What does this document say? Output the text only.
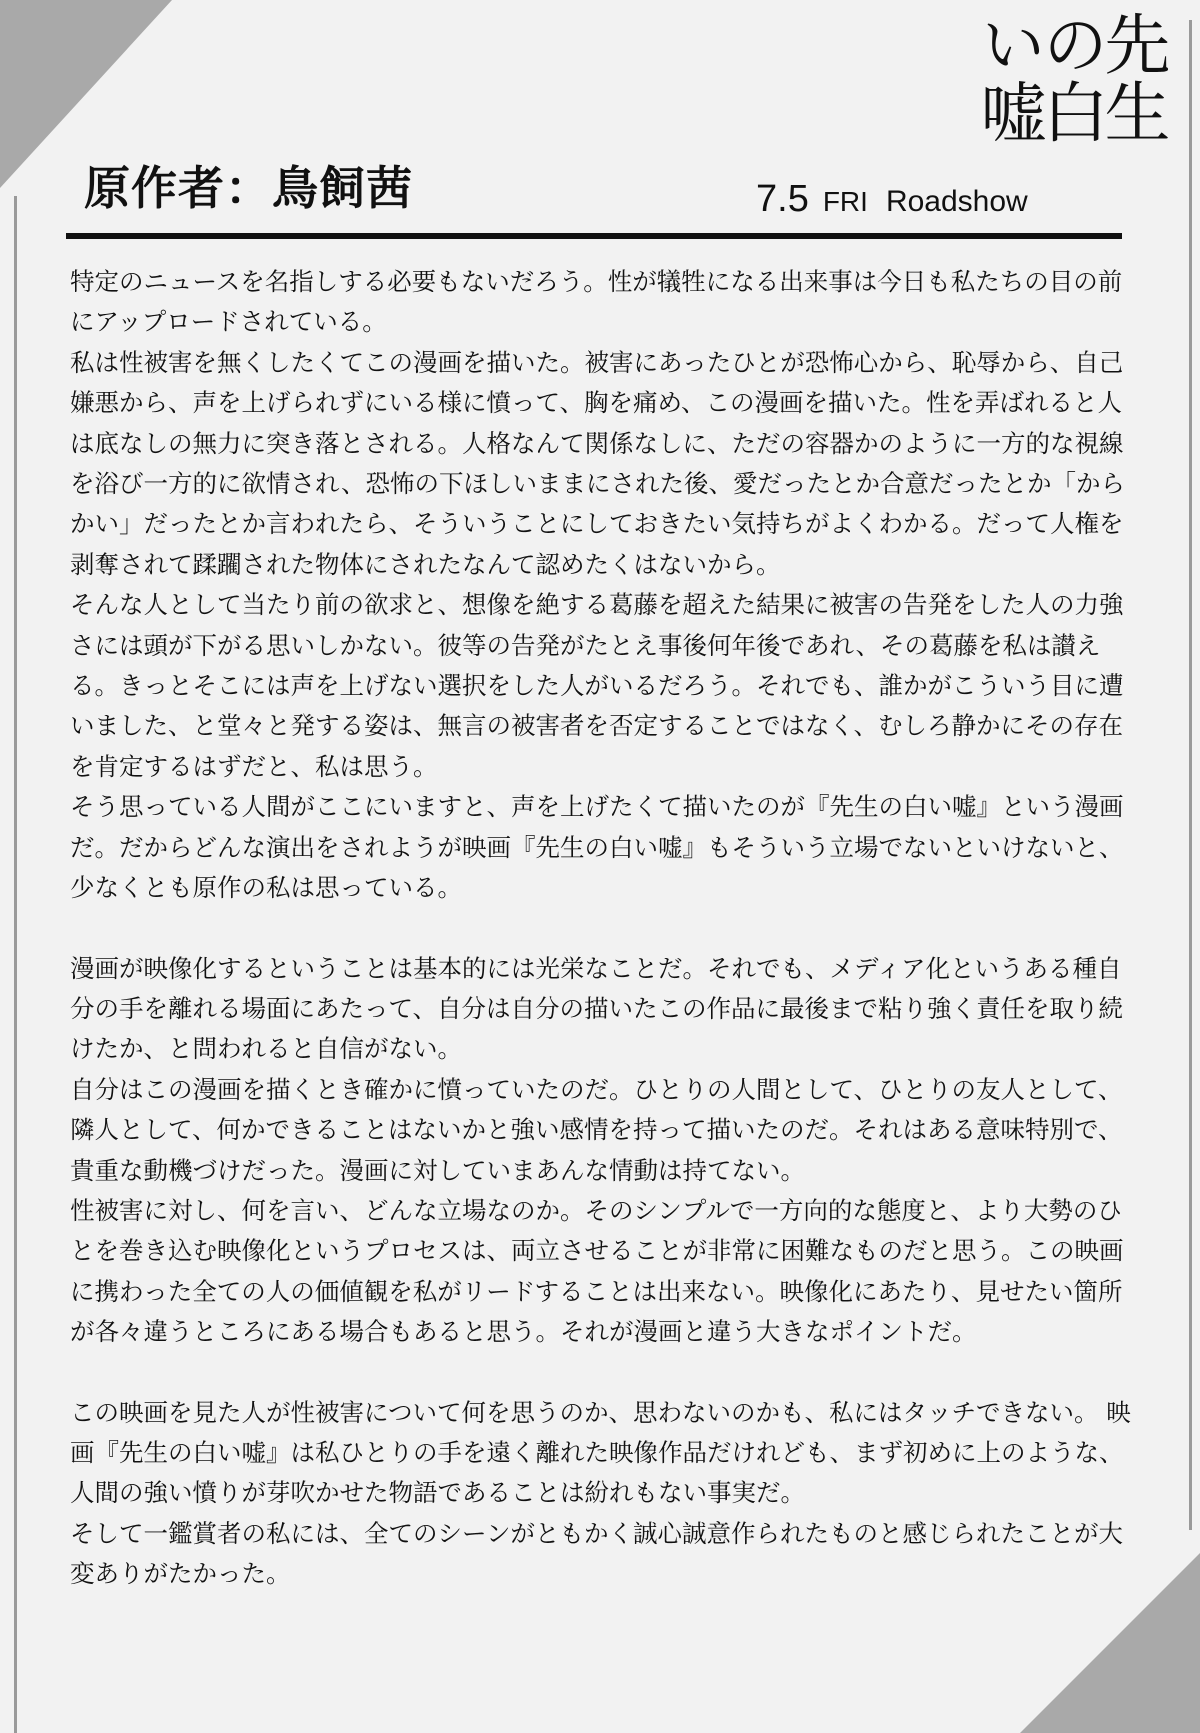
先生の白い嘘
原作者：鳥飼茜	7.5 FRI Roadshow

特定のニュースを名指しする必要もないだろう。性が犠牲になる出来事は今日も私たちの目の前にアップロードされている。

私は性被害を無くしたくてこの漫画を描いた。被害にあったひとが恐怖心から、恥辱から、自己嫌悪から、声を上げられずにいる様に憤って、胸を痛め、この漫画を描いた。性を弄ばれると人は底なしの無力に突き落とされる。人格なんて関係なしに、ただの容器かのように一方的な視線を浴び一方的に欲情され、恐怖の下ほしいままにされた後、愛だったとか合意だったとか「からかい」だったとか言われたら、そういうことにしておきたい気持ちがよくわかる。だって人権を剥奪されて蹂躙された物体にされたなんて認めたくはないから。

そんな人として当たり前の欲求と、想像を絶する葛藤を超えた結果に被害の告発をした人の力強さには頭が下がる思いしかない。彼等の告発がたとえ事後何年後であれ、その葛藤を私は讃える。きっとそこには声を上げない選択をした人がいるだろう。それでも、誰かがこういう目に遭いました、と堂々と発する姿は、無言の被害者を否定することではなく、むしろ静かにその存在を肯定するはずだと、私は思う。

そう思っている人間がここにいますと、声を上げたくて描いたのが『先生の白い嘘』という漫画だ。だからどんな演出をされようが映画『先生の白い嘘』もそういう立場でないといけないと、少なくとも原作の私は思っている。

漫画が映像化するということは基本的には光栄なことだ。それでも、メディア化というある種自分の手を離れる場面にあたって、自分は自分の描いたこの作品に最後まで粘り強く責任を取り続けたか、と問われると自信がない。

自分はこの漫画を描くとき確かに憤っていたのだ。ひとりの人間として、ひとりの友人として、隣人として、何かできることはないかと強い感情を持って描いたのだ。それはある意味特別で、貴重な動機づけだった。漫画に対していまあんな情動は持てない。

性被害に対し、何を言い、どんな立場なのか。そのシンプルで一方向的な態度と、より大勢のひとを巻き込む映像化というプロセスは、両立させることが非常に困難なものだと思う。この映画に携わった全ての人の価値観を私がリードすることは出来ない。映像化にあたり、見せたい箇所が各々違うところにある場合もあると思う。それが漫画と違う大きなポイントだ。

この映画を見た人が性被害について何を思うのか、思わないのかも、私にはタッチできない。 映画『先生の白い嘘』は私ひとりの手を遠く離れた映像作品だけれども、まず初めに上のような、人間の強い憤りが芽吹かせた物語であることは紛れもない事実だ。

そして一鑑賞者の私には、全てのシーンがともかく誠心誠意作られたものと感じられたことが大変ありがたかった。
